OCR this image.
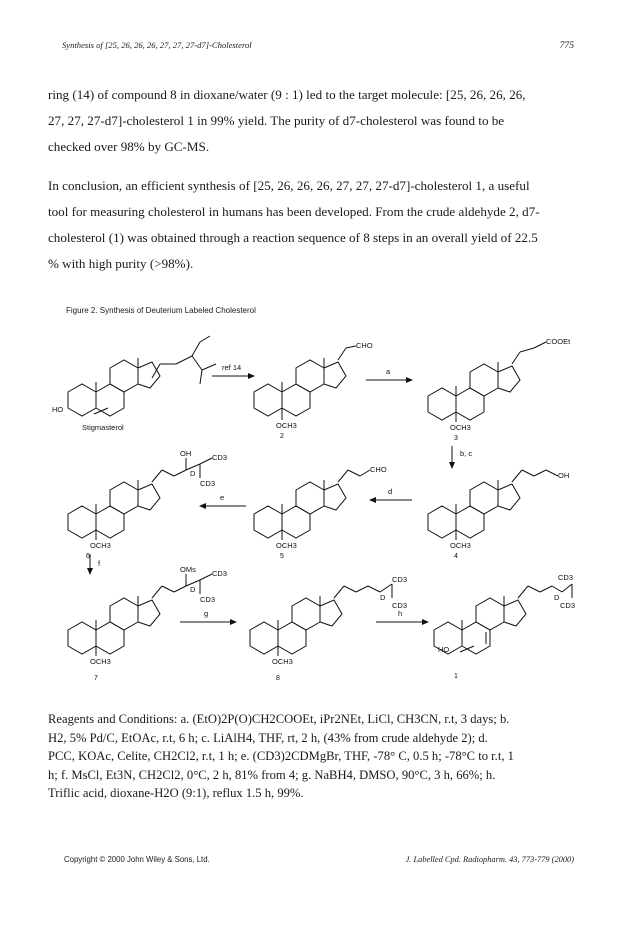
Synthesis of [25, 26, 26, 26, 27, 27, 27-d7]-Cholesterol	775
ring (14) of compound 8 in dioxane/water (9 : 1) led to the target molecule: [25, 26, 26, 26,
27, 27, 27-d7]-cholesterol 1 in 99% yield. The purity of d7-cholesterol was found to be
checked over 98% by GC-MS.
In conclusion, an efficient synthesis of [25, 26, 26, 26, 27, 27, 27-d7]-cholesterol 1, a useful
tool for measuring cholesterol in humans has been developed. From the crude aldehyde 2, d7-
cholesterol (1) was obtained through a reaction sequence of 8 steps in an overall yield of 22.5
% with high purity (>98%).
Figure 2. Synthesis of Deuterium Labeled Cholesterol
HO
Stigmasterol
ref 14
CHO
OCH3
2
a
COOEt
OCH3
3
b, c
OH
OCH3
4
d
CHO
OCH3
5
e
OH	CD3
D
CD3
OCH3
6
f
OMs CD3
D
CD3
OCH3
7
g
CD3
D
CD3
OCH3
8
h
CD3
D
CD3
HO
1
Reagents and Conditions: a. (EtO)2P(O)CH2COOEt, iPr2NEt, LiCl, CH3CN, r.t, 3 days; b.
H2, 5% Pd/C, EtOAc, r.t, 6 h; c. LiAlH4, THF, rt, 2 h, (43% from crude aldehyde 2); d.
PCC, KOAc, Celite, CH2Cl2, r.t, 1 h; e. (CD3)2CDMgBr, THF, -78° C, 0.5 h; -78°C to r.t, 1
h; f. MsCl, Et3N, CH2Cl2, 0°C, 2 h, 81% from 4; g. NaBH4, DMSO, 90°C, 3 h, 66%; h.
Triflic acid, dioxane-H2O (9:1), reflux 1.5 h, 99%.
Copyright © 2000 John Wiley & Sons, Ltd.	J. Labelled Cpd. Radiopharm. 43, 773-779 (2000)
